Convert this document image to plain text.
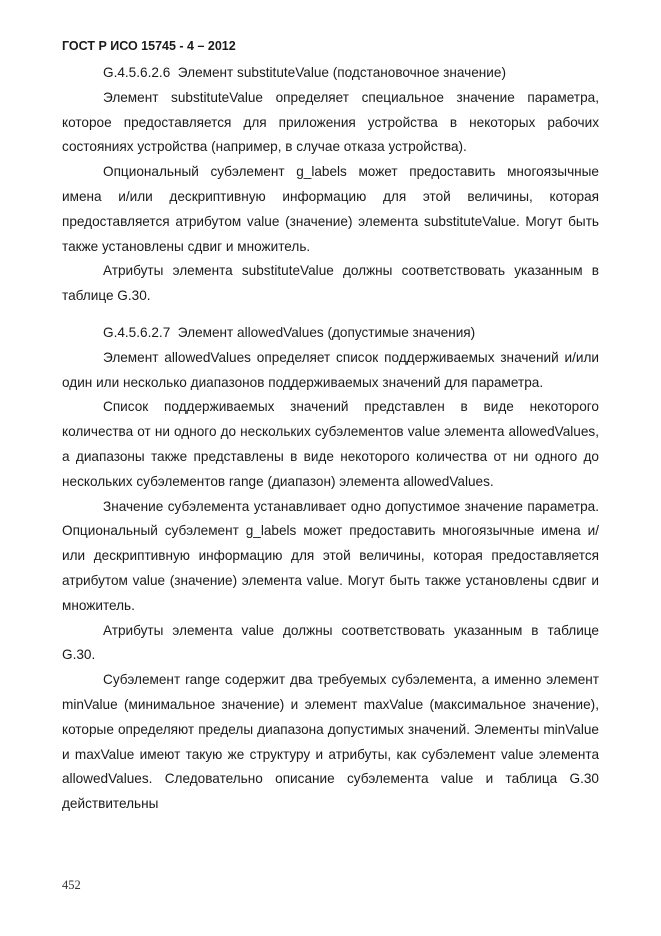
ГОСТ Р ИСО 15745 - 4 – 2012
G.4.5.6.2.6  Элемент substituteValue (подстановочное значение)

Элемент substituteValue определяет специальное значение параметра, которое предоставляется для приложения устройства в некоторых рабочих состояниях устройства (например, в случае отказа устройства).

Опциональный субэлемент g_labels может предоставить многоязычные имена и/или дескриптивную информацию для этой величины, которая предоставляется атрибутом value (значение) элемента substituteValue. Могут быть также установлены сдвиг и множитель.

Атрибуты элемента substituteValue должны соответствовать указанным в таблице G.30.

G.4.5.6.2.7  Элемент allowedValues (допустимые значения)

Элемент allowedValues определяет список поддерживаемых значений и/или один или несколько диапазонов поддерживаемых значений для параметра.

Список поддерживаемых значений представлен в виде некоторого количества от ни одного до нескольких субэлементов value элемента allowedValues, а диапазоны также представлены в виде некоторого количества от ни одного до нескольких субэлементов range (диапазон) элемента allowedValues.

Значение субэлемента устанавливает одно допустимое значение параметра. Опциональный субэлемент g_labels может предоставить многоязычные имена и/или дескриптивную информацию для этой величины, которая предоставляется атрибутом value (значение) элемента value. Могут быть также установлены сдвиг и множитель.

Атрибуты элемента value должны соответствовать указанным в таблице G.30.

Субэлемент range содержит два требуемых субэлемента, а именно элемент minValue (минимальное значение) и элемент maxValue (максимальное значение), которые определяют пределы диапазона допустимых значений. Элементы minValue и maxValue имеют такую же структуру и атрибуты, как субэлемент value элемента allowedValues. Следовательно описание субэлемента value и таблица G.30 действительны

452
